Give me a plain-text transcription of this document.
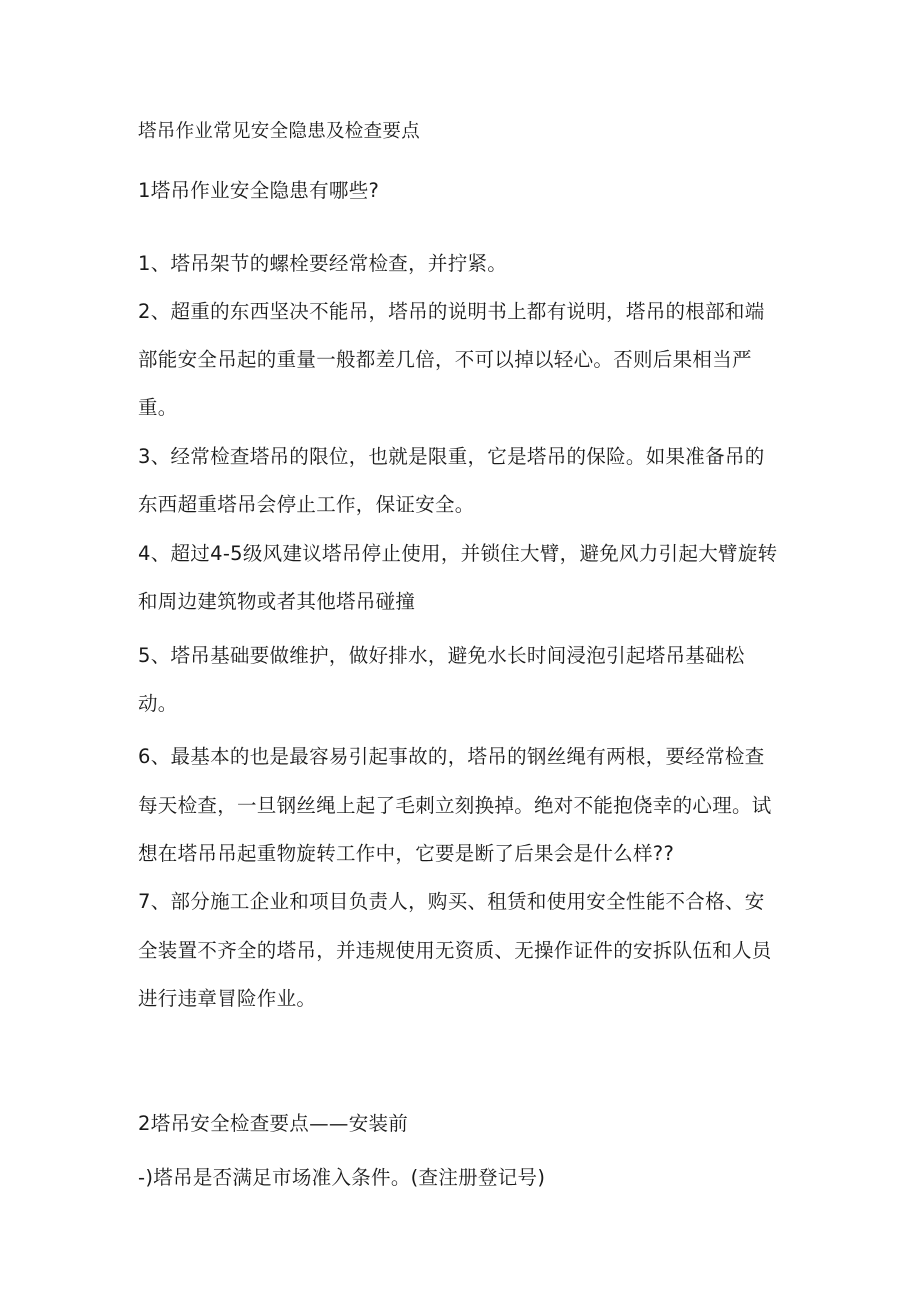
塔吊作业常见安全隐患及检查要点
1塔吊作业安全隐患有哪些?
1、塔吊架节的螺栓要经常检查，并拧紧。
2、超重的东西坚决不能吊，塔吊的说明书上都有说明，塔吊的根部和端
部能安全吊起的重量一般都差几倍，不可以掉以轻心。否则后果相当严
重。
3、经常检查塔吊的限位，也就是限重，它是塔吊的保险。如果准备吊的
东西超重塔吊会停止工作，保证安全。
4、超过4-5级风建议塔吊停止使用，并锁住大臂，避免风力引起大臂旋转
和周边建筑物或者其他塔吊碰撞
5、塔吊基础要做维护，做好排水，避免水长时间浸泡引起塔吊基础松
动。
6、最基本的也是最容易引起事故的，塔吊的钢丝绳有两根，要经常检查
每天检查，一旦钢丝绳上起了毛刺立刻换掉。绝对不能抱侥幸的心理。试
想在塔吊吊起重物旋转工作中，它要是断了后果会是什么样??
7、部分施工企业和项目负责人，购买、租赁和使用安全性能不合格、安
全装置不齐全的塔吊，并违规使用无资质、无操作证件的安拆队伍和人员
进行违章冒险作业。
2塔吊安全检查要点——安装前
-)塔吊是否满足市场准入条件。(查注册登记号)
